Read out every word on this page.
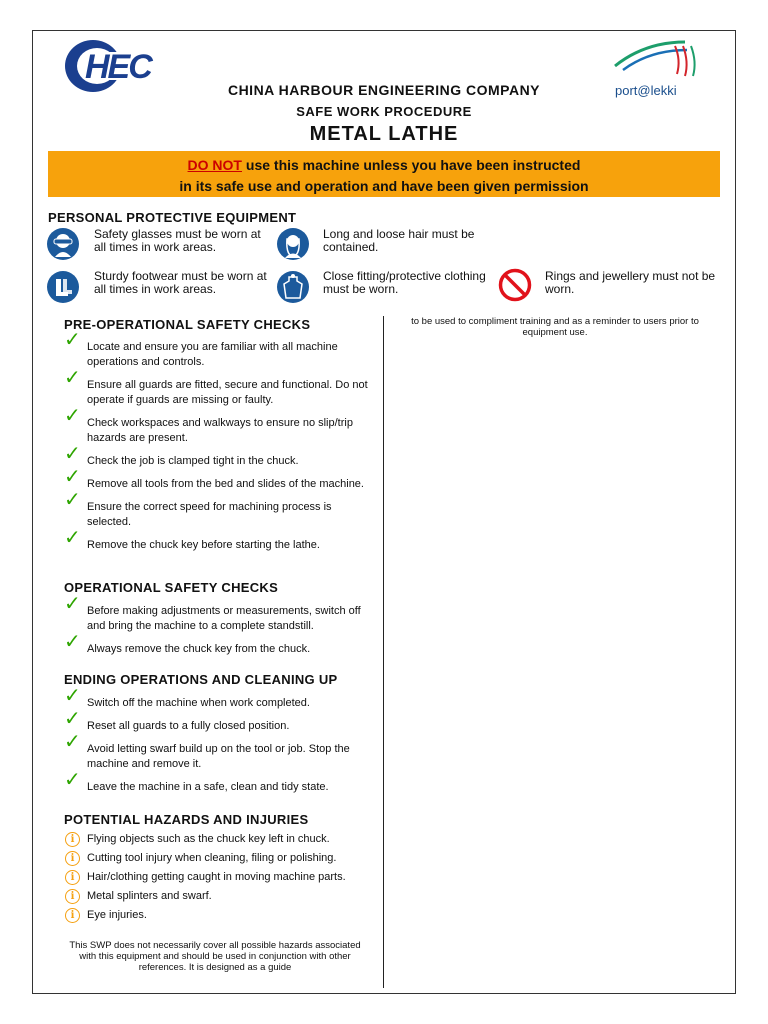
HEC
port@lekki
CHINA HARBOUR ENGINEERING COMPANY
SAFE WORK PROCEDURE
METAL LATHE
DO NOT use this machine unless you have been instructed
in its safe use and operation and have been given permission
PERSONAL PROTECTIVE EQUIPMENT
Safety glasses must be worn at all times in work areas.
Long and loose hair must be contained.
Sturdy footwear must be worn at all times in work areas.
Close fitting/protective clothing must be worn.
Rings and jewellery must not be worn.
PRE-OPERATIONAL SAFETY CHECKS
✓ Locate and ensure you are familiar with all machine operations and controls.
✓ Ensure all guards are fitted, secure and functional. Do not operate if guards are missing or faulty.
✓ Check workspaces and walkways to ensure no slip/trip hazards are present.
✓ Check the job is clamped tight in the chuck.
✓ Remove all tools from the bed and slides of the machine.
✓ Ensure the correct speed for machining process is selected.
✓ Remove the chuck key before starting the lathe.
OPERATIONAL SAFETY CHECKS
✓ Before making adjustments or measurements, switch off and bring the machine to a complete standstill.
✓ Always remove the chuck key from the chuck.
ENDING OPERATIONS AND CLEANING UP
✓ Switch off the machine when work completed.
✓ Reset all guards to a fully closed position.
✓ Avoid letting swarf build up on the tool or job. Stop the machine and remove it.
✓ Leave the machine in a safe, clean and tidy state.
POTENTIAL HAZARDS AND INJURIES
i	Flying objects such as the chuck key left in chuck.
i	Cutting tool injury when cleaning, filing or polishing.
i	Hair/clothing getting caught in moving machine parts.
i	Metal splinters and swarf.
i	Eye injuries.
This SWP does not necessarily cover all possible hazards associated with this equipment and should be used in conjunction with other references. It is designed as a guide
to be used to compliment training and as a reminder to users prior to equipment use.
